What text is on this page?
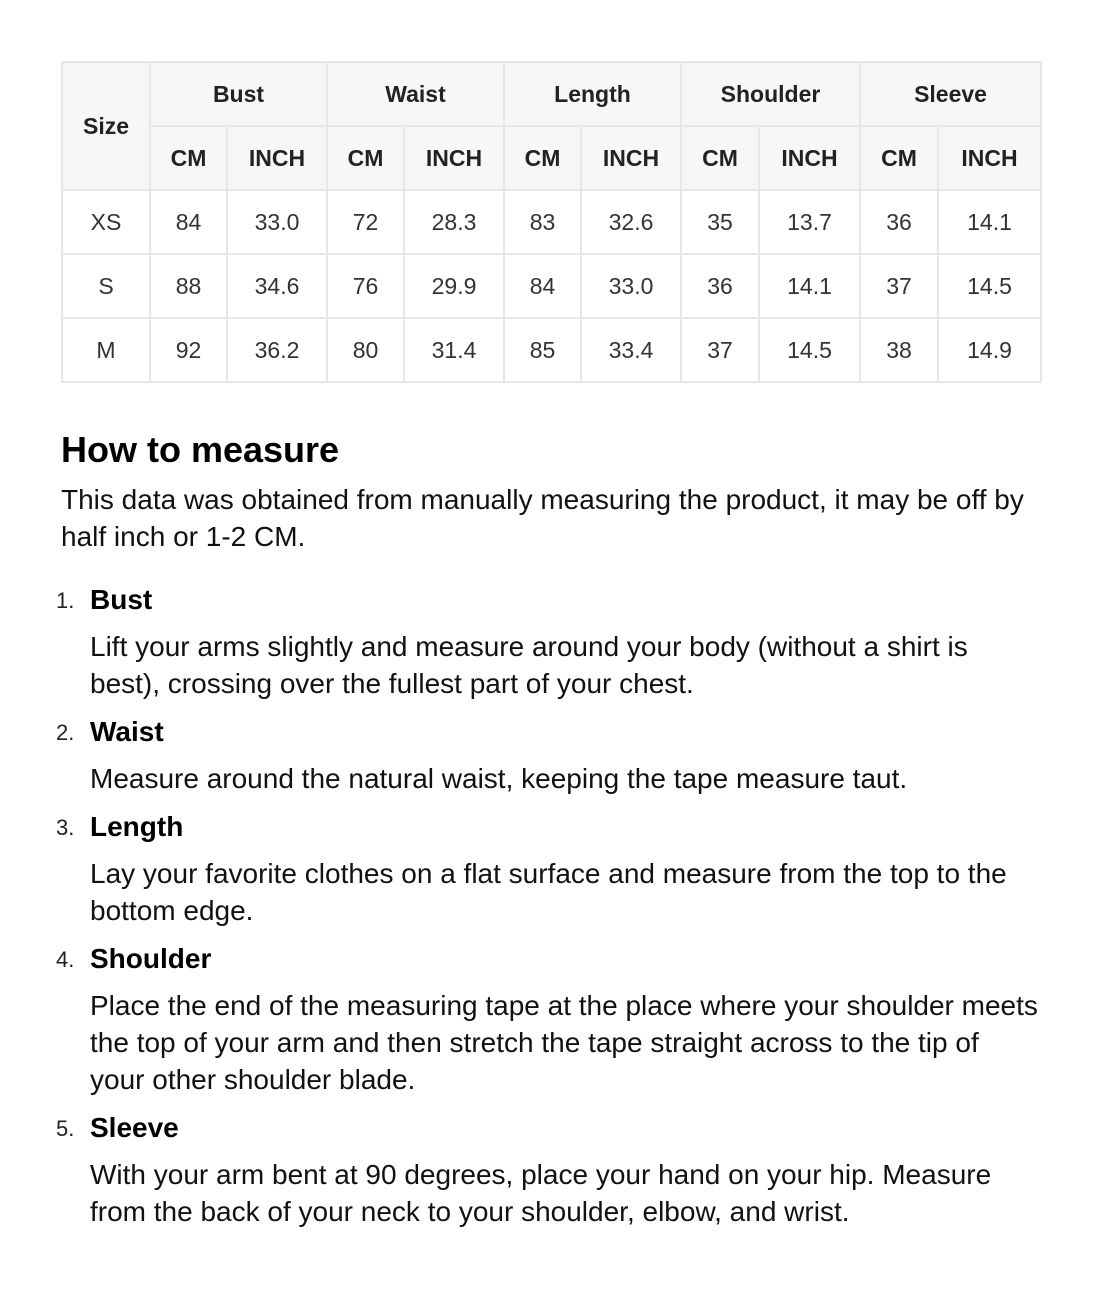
Size	Bust		Waist		Length		Shoulder		Sleeve	
	CM	INCH	CM	INCH	CM	INCH	CM	INCH	CM	INCH
XS	84	33.0	72	28.3	83	32.6	35	13.7	36	14.1
S	88	34.6	76	29.9	84	33.0	36	14.1	37	14.5
M	92	36.2	80	31.4	85	33.4	37	14.5	38	14.9
How to measure

This data was obtained from manually measuring the product, it may be off by half inch or 1-2 CM.

1. Bust
Lift your arms slightly and measure around your body (without a shirt is best), crossing over the fullest part of your chest.
2. Waist
Measure around the natural waist, keeping the tape measure taut.
3. Length
Lay your favorite clothes on a flat surface and measure from the top to the bottom edge.
4. Shoulder
Place the end of the measuring tape at the place where your shoulder meets the top of your arm and then stretch the tape straight across to the tip of your other shoulder blade.
5. Sleeve
With your arm bent at 90 degrees, place your hand on your hip. Measure from the back of your neck to your shoulder, elbow, and wrist.
